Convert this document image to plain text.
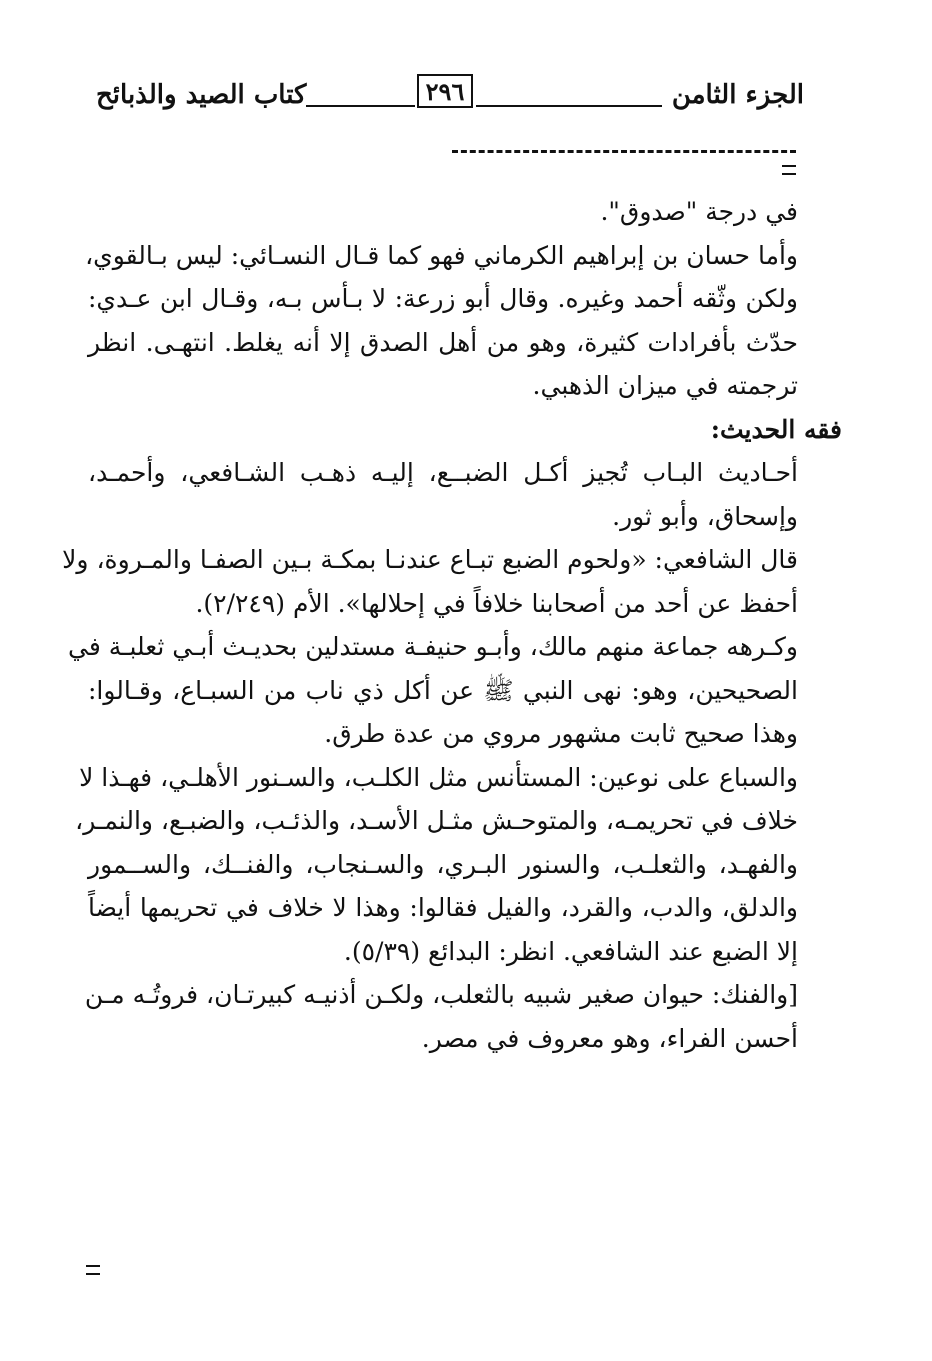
الجزء الثامن
٢٩٦
كتاب الصيد والذبائح
في درجة "صدوق".
وأما حسان بن إبراهيم الكرماني فهو كما قـال النسـائي: ليس بـالقوي،
ولكن وثّقه أحمد وغيره. وقال أبو زرعة: لا بـأس بـه، وقـال ابن عـدي:
حدّث بأفرادات كثيرة، وهو من أهل الصدق إلا أنه يغلط. انتهـى. انظر
ترجمته في ميزان الذهبي.
فقه الحديث:
أحـاديث البـاب تُجيز أكـل الضبــع، إليـه ذهـب الشـافعي، وأحمـد،
وإسحاق، وأبو ثور.
قال الشافعي: «ولحوم الضبع تبـاع عندنـا بمكـة بـين الصفـا والمـروة، ولا
أحفظ عن أحد من أصحابنا خلافاً في إحلالها». الأم (٢/٢٤٩).
وكـرهه جماعة منهم مالك، وأبـو حنيفـة مستدلين بحديـث أبـي ثعلبـة في
الصحيحين، وهو: نهى النبي ﷺ عن أكل ذي ناب من السبـاع، وقـالوا:
وهذا صحيح ثابت مشهور مروي من عدة طرق.
والسباع على نوعين: المستأنس مثل الكلـب، والسـنور الأهلـي، فهـذا لا
خلاف في تحريمـه، والمتوحـش مثـل الأسـد، والذئـب، والضبـع، والنمـر،
والفهـد، والثعلـب، والسنور البـري، والسـنجاب، والفنــك، والســمور
والدلق، والدب، والقرد، والفيل فقالوا: وهذا لا خلاف في تحريمها أيضاً
إلا الضبع عند الشافعي. انظر: البدائع (٥/٣٩).
[والفنك: حيوان صغير شبيه بالثعلب، ولكـن أذنيـه كبيرتـان، فروتُـه مـن
أحسن الفراء، وهو معروف في مصر.
